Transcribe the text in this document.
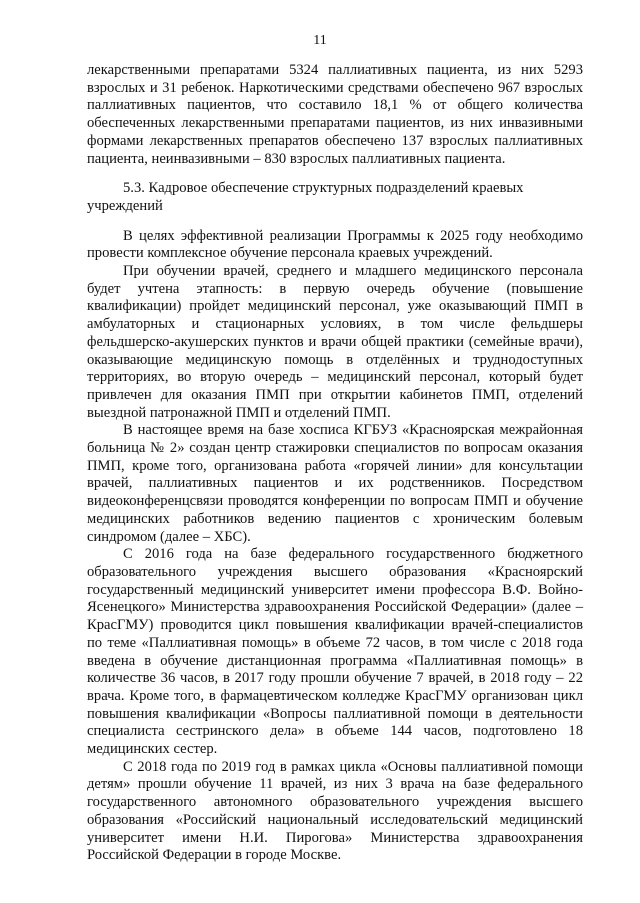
11

лекарственными препаратами 5324 паллиативных пациента, из них 5293 взрослых и 31 ребенок. Наркотическими средствами обеспечено 967 взрослых паллиативных пациентов, что составило 18,1 % от общего количества обеспеченных лекарственными препаратами пациентов, из них инвазивными формами лекарственных препаратов обеспечено 137 взрослых паллиативных пациента, неинвазивными – 830 взрослых паллиативных пациента.

5.3. Кадровое обеспечение структурных подразделений краевых учреждений

В целях эффективной реализации Программы к 2025 году необходимо провести комплексное обучение персонала краевых учреждений.

При обучении врачей, среднего и младшего медицинского персонала будет учтена этапность: в первую очередь обучение (повышение квалификации) пройдет медицинский персонал, уже оказывающий ПМП в амбулаторных и стационарных условиях, в том числе фельдшеры фельдшерско-акушерских пунктов и врачи общей практики (семейные врачи), оказывающие медицинскую помощь в отделённых и труднодоступных территориях, во вторую очередь – медицинский персонал, который будет привлечен для оказания ПМП при открытии кабинетов ПМП, отделений выездной патронажной ПМП и отделений ПМП.

В настоящее время на базе хосписа КГБУЗ «Красноярская межрайонная больница № 2» создан центр стажировки специалистов по вопросам оказания ПМП, кроме того, организована работа «горячей линии» для консультации врачей, паллиативных пациентов и их родственников. Посредством видеоконференцсвязи проводятся конференции по вопросам ПМП и обучение медицинских работников ведению пациентов с хроническим болевым синдромом (далее – ХБС).

С 2016 года на базе федерального государственного бюджетного образовательного учреждения высшего образования «Красноярский государственный медицинский университет имени профессора В.Ф. Войно-Ясенецкого» Министерства здравоохранения Российской Федерации» (далее – КрасГМУ) проводится цикл повышения квалификации врачей-специалистов по теме «Паллиативная помощь» в объеме 72 часов, в том числе с 2018 года введена в обучение дистанционная программа «Паллиативная помощь» в количестве 36 часов, в 2017 году прошли обучение 7 врачей, в 2018 году – 22 врача. Кроме того, в фармацевтическом колледже КрасГМУ организован цикл повышения квалификации «Вопросы паллиативной помощи в деятельности специалиста сестринского дела» в объеме 144 часов, подготовлено 18 медицинских сестер.

С 2018 года по 2019 год в рамках цикла «Основы паллиативной помощи детям» прошли обучение 11 врачей, из них 3 врача на базе федерального государственного автономного образовательного учреждения высшего образования «Российский национальный исследовательский медицинский университет имени Н.И. Пирогова» Министерства здравоохранения Российской Федерации в городе Москве.
